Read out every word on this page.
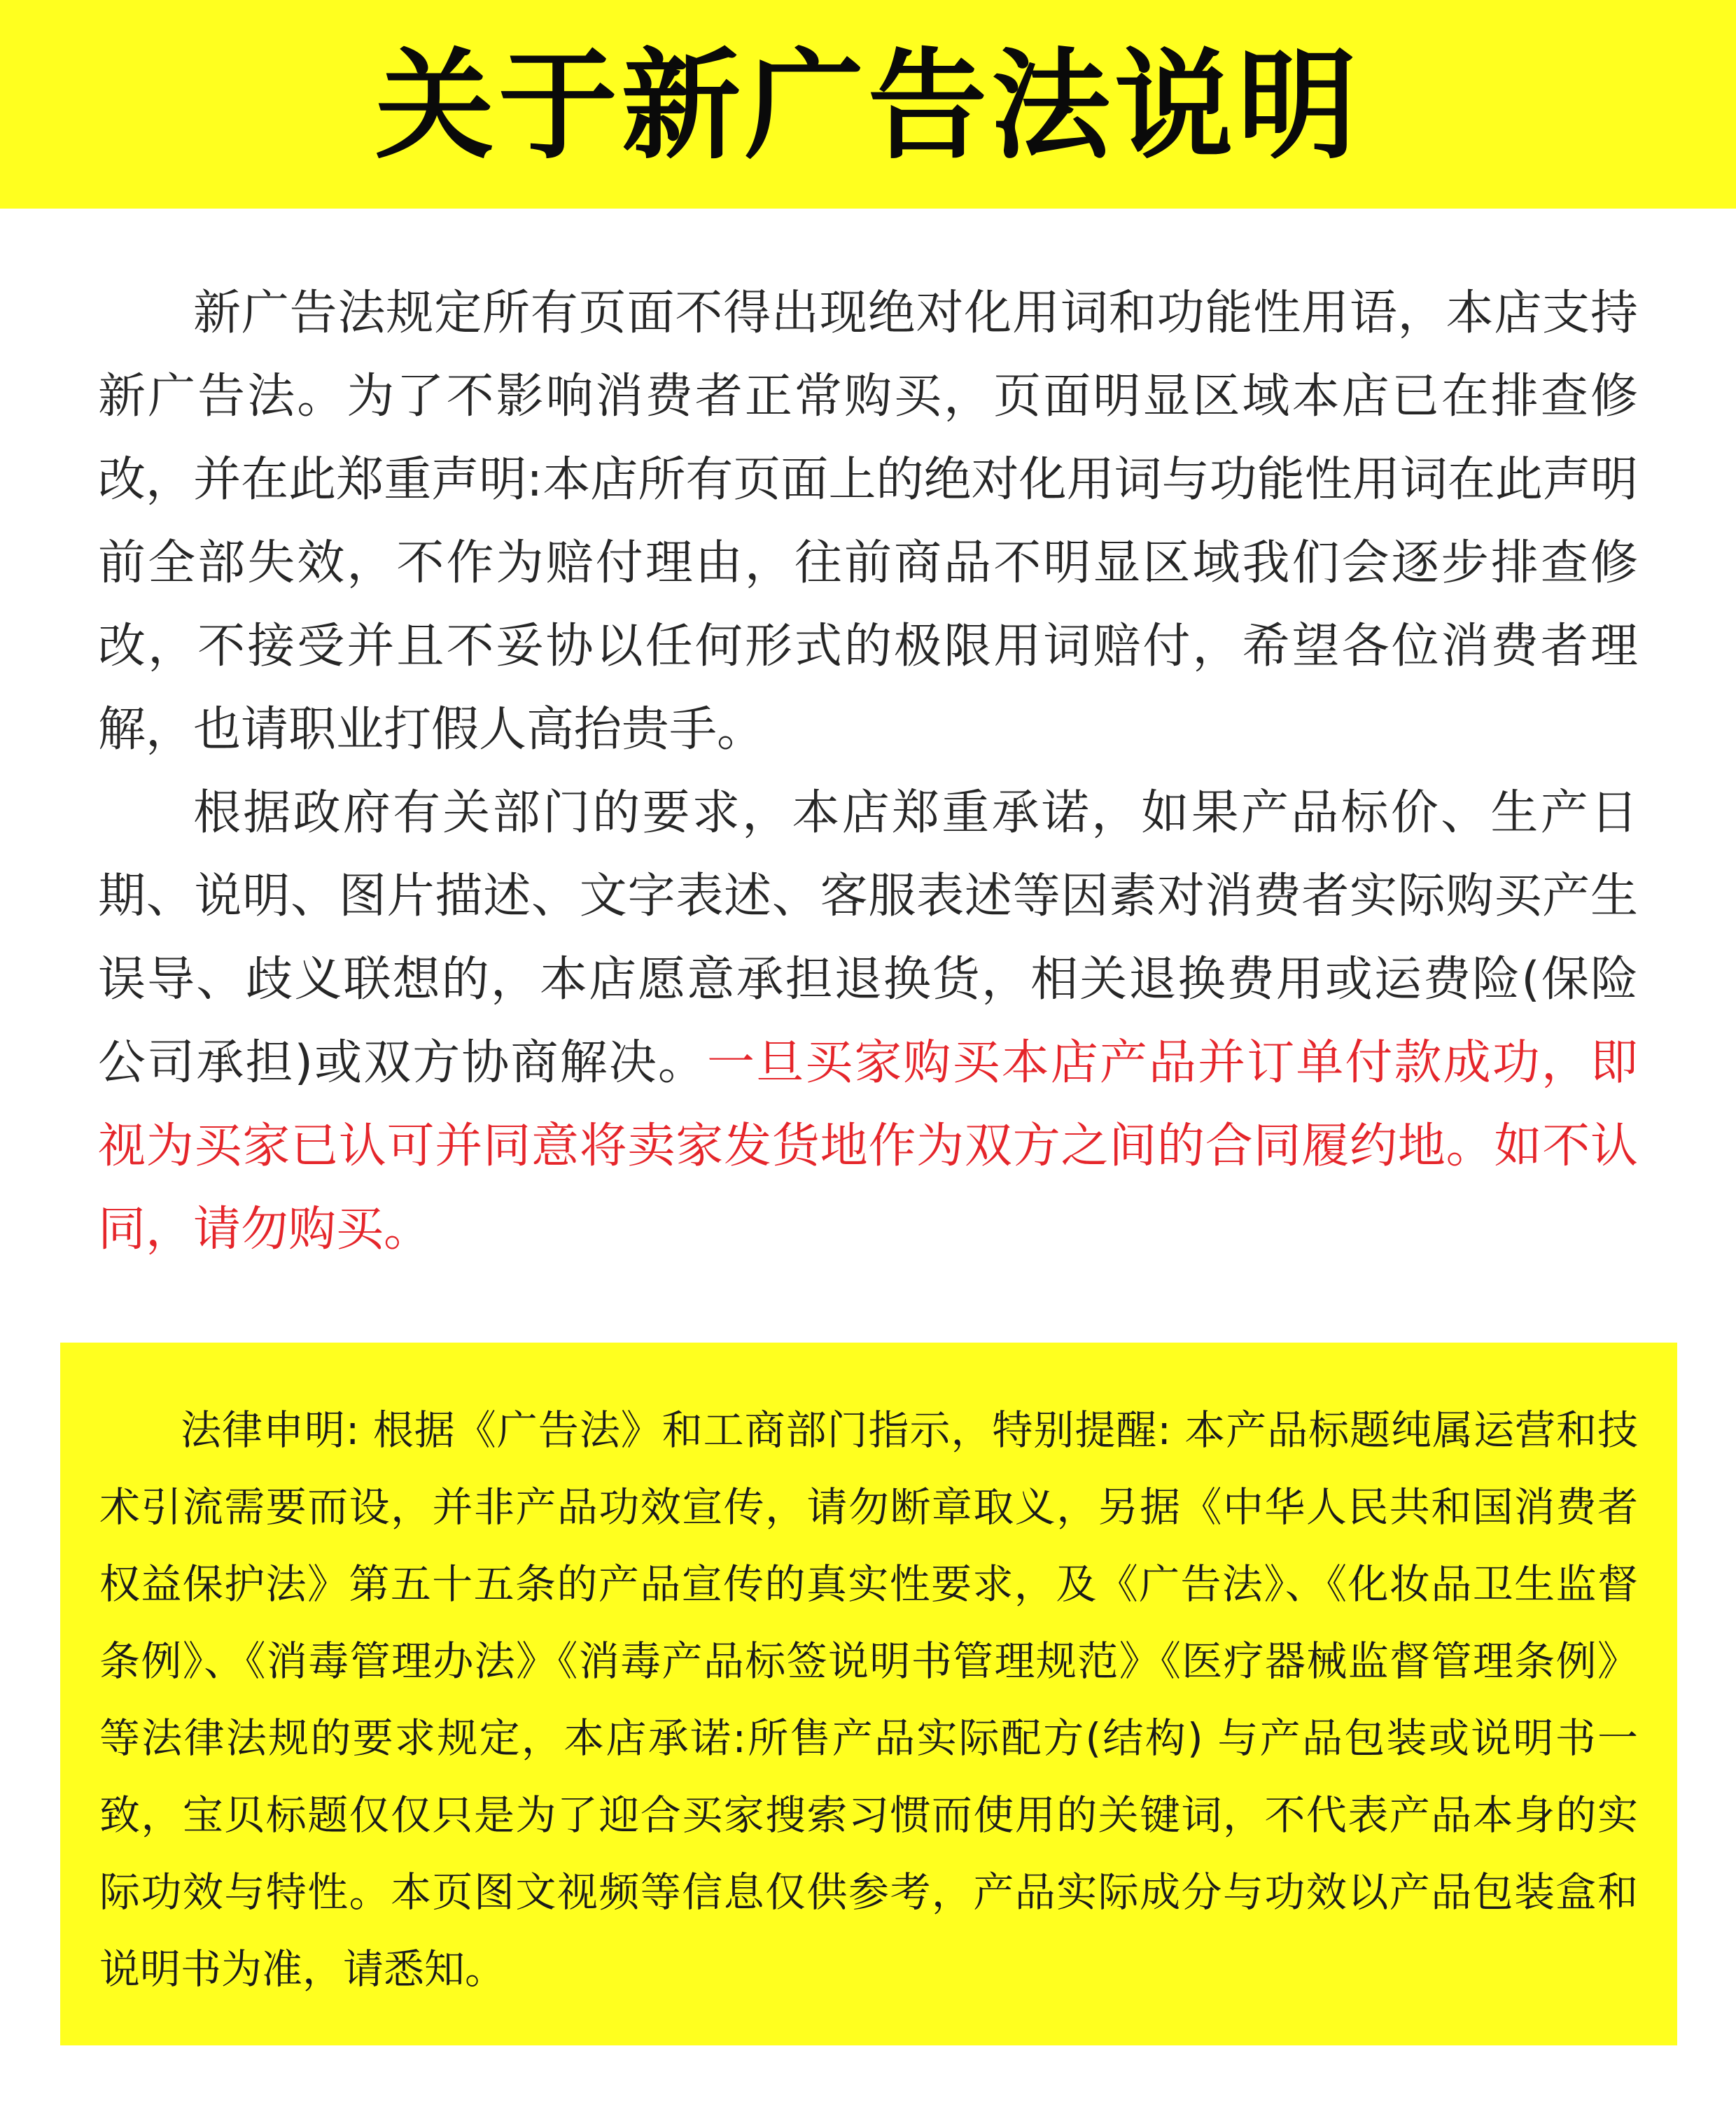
关于新广告法说明

新广告法规定所有页面不得出现绝对化用词和功能性用语，本店支持新广告法。为了不影响消费者正常购买，页面明显区域本店已在排查修改，并在此郑重声明:本店所有页面上的绝对化用词与功能性用词在此声明前全部失效，不作为赔付理由，往前商品不明显区域我们会逐步排查修改，不接受并且不妥协以任何形式的极限用词赔付，希望各位消费者理解，也请职业打假人高抬贵手。

根据政府有关部门的要求，本店郑重承诺，如果产品标价、生产日期、说明、图片描述、文字表述、客服表述等因素对消费者实际购买产生误导、歧义联想的，本店愿意承担退换货，相关退换费用或运费险(保险公司承担)或双方协商解决。一旦买家购买本店产品并订单付款成功，即视为买家已认可并同意将卖家发货地作为双方之间的合同履约地。如不认同，请勿购买。

法律申明: 根据《广告法》和工商部门指示，特别提醒: 本产品标题纯属运营和技术引流需要而设，并非产品功效宣传，请勿断章取义，另据《中华人民共和国消费者权益保护法》第五十五条的产品宣传的真实性要求，及《广告法》、《化妆品卫生监督条例》、《消毒管理办法》《消毒产品标签说明书管理规范》《医疗器械监督管理条例》等法律法规的要求规定，本店承诺:所售产品实际配方(结构) 与产品包装或说明书一致，宝贝标题仅仅只是为了迎合买家搜索习惯而使用的关键词，不代表产品本身的实际功效与特性。本页图文视频等信息仅供参考，产品实际成分与功效以产品包装盒和说明书为准，请悉知。
